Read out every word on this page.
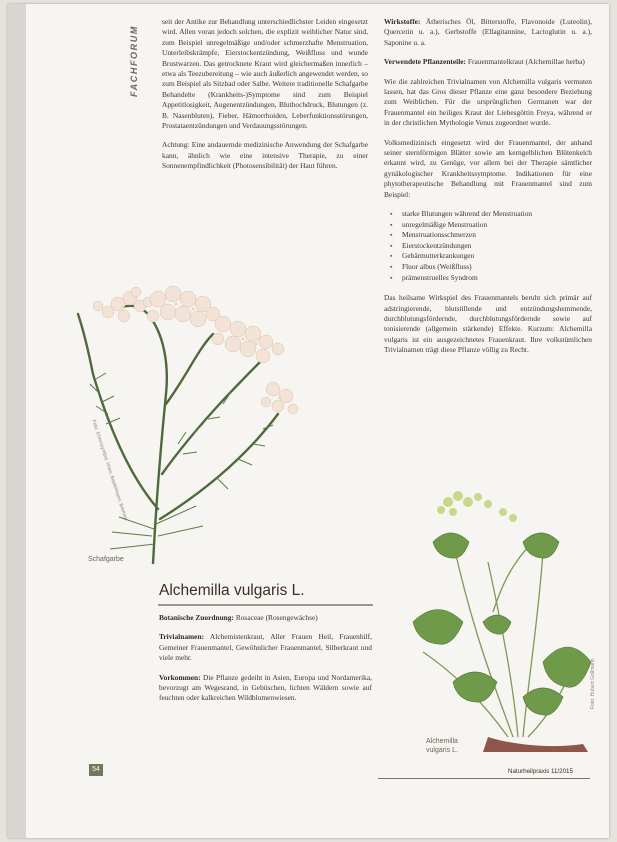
FACHFORUM

seit der Antike zur Behandlung unterschiedlichster Leiden eingesetzt wird. Allen voran jedoch solchen, die explizit weiblicher Natur sind, zum Beispiel unregelmäßige und/oder schmerzhafte Menstruation, Unterleibskrämpfe, Eierstockentzündung, Weißfluss und wunde Brustwarzen. Das getrocknete Kraut wird gleichermaßen innerlich – etwa als Teezubereitung – wie auch äußerlich angewendet werden, so zum Beispiel als Sitzbad oder Salbe. Weitere traditionelle Schafgarbe Behandelte (Krankheits-)Symptome sind zum Beispiel Appetitlosigkeit, Augenentzündungen, Bluthochdruck, Blutungen (z. B. Nasenbluten), Fieber, Hämorrhoiden, Leberfunktionsstörungen, Prostataentzündungen und Verdauungsstörungen.

Achtung: Eine andauernde medizinische Anwendung der Schafgarbe kann, ähnlich wie eine intensive Therapie, zu einer Sonnenempfindlichkeit (Photosensibilität) der Haut führen.

Wirkstoffe: Ätherisches Öl, Bitterstoffe, Flavonoide (Luteolin), Quercetin u. a.), Gerbstoffe (Ellagitannine, Lactoglutin u. a.), Saponine u. a.

Verwendete Pflanzenteile: Frauenmantelkraut (Alchemillae herba)

Wie die zahlreichen Trivialnamen von Alchemilla vulgaris vermuten lassen, hat das Gros dieser Pflanze eine ganz besondere Beziehung zum Weiblichen. Für die ursprünglichen Germanen war der Frauenmantel ein heiliges Kraut der Liebesgöttin Freya, während er in der christlichen Mythologie Venus zugeordnet wurde.

Volksmedizinisch eingesetzt wird der Frauenmantel, der anhand seiner sternförmigen Blätter sowie am kerngelblichen Blütenkelch erkannt wird, zu Genüge, vor allem bei der Therapie sämtlicher gynäkologischer Krankheitssymptome. Indikationen für eine phytotherapeutische Behandlung mit Frauenmantel sind zum Beispiel:

▪ starke Blutungen während der Menstruation
▪ unregelmäßige Menstruation
▪ Menstruationsschmerzen
▪ Eierstockentzündungen
▪ Gebärmutterkrankungen
▪ Fluor albus (Weißfluss)
▪ prämenstruelles Syndrom

Das heilsame Wirkspiel des Frauenmantels beruht sich primär auf adstringierende, blutstillende und entzündungshemmende, durchblutungsfördernde, durchblutungsfördernde sowie auf tonisierende (allgemein stärkende) Effekte. Kurzum: Alchemilla vulgaris ist ein ausgezeichnetes Frauenkraut. Ihre volkstümlichen Trivialnamen trägt diese Pflanze völlig zu Recht.

Foto: Ehrensymbol, Wien, Bastelmann, Bremen
Schafgarbe
Alchemilla vulgaris L.

Botanische Zuordnung: Rosaceae (Rosengewächse)

Trivialnamen: Alchemistenkraut, Aller Frauen Heil, Frauenhilf, Gemeiner Frauenmantel, Gewöhnlicher Frauenmantel, Silberkraut und viele mehr.

Vorkommen: Die Pflanze gedeiht in Asien, Europa und Nordamerika, bevorzugt am Wegesrand, in Gebüschen, lichten Wäldern sowie auf feuchten oder kalkreichen Wildblumenwiesen.	Foto: Hubert Gollmann
Alchemilla
vulgaris L.
54	Naturheilpraxis 11/2015
